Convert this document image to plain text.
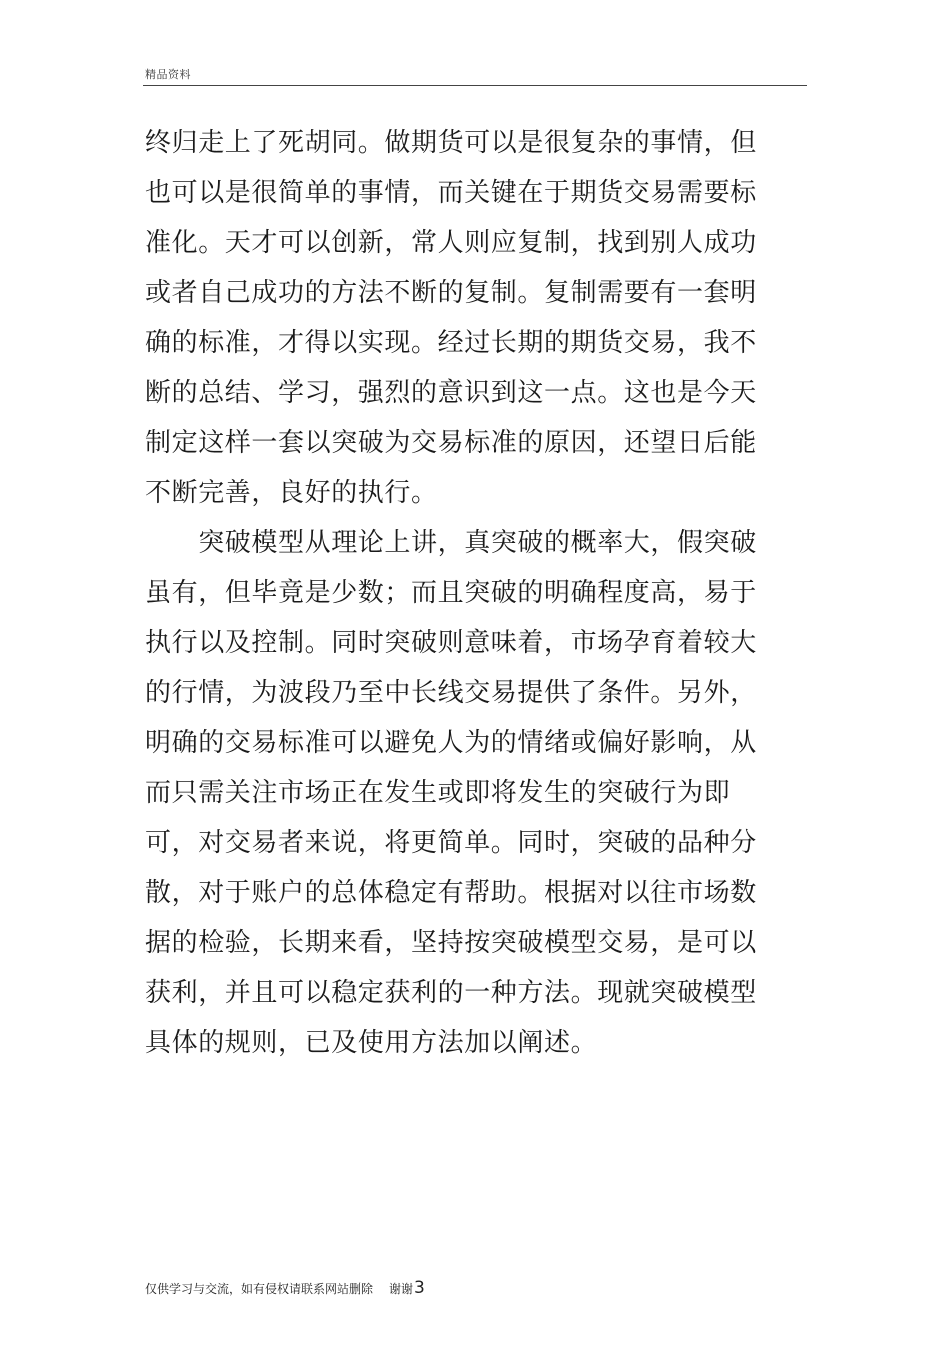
精品资料
终归走上了死胡同。做期货可以是很复杂的事情，但
也可以是很简单的事情，而关键在于期货交易需要标
准化。天才可以创新，常人则应复制，找到别人成功
或者自己成功的方法不断的复制。复制需要有一套明
确的标准，才得以实现。经过长期的期货交易，我不
断的总结、学习，强烈的意识到这一点。这也是今天
制定这样一套以突破为交易标准的原因，还望日后能
不断完善，良好的执行。
　　突破模型从理论上讲，真突破的概率大，假突破
虽有，但毕竟是少数；而且突破的明确程度高，易于
执行以及控制。同时突破则意味着，市场孕育着较大
的行情，为波段乃至中长线交易提供了条件。另外，
明确的交易标准可以避免人为的情绪或偏好影响，从
而只需关注市场正在发生或即将发生的突破行为即
可，对交易者来说，将更简单。同时，突破的品种分
散，对于账户的总体稳定有帮助。根据对以往市场数
据的检验，长期来看，坚持按突破模型交易，是可以
获利，并且可以稳定获利的一种方法。现就突破模型
具体的规则，已及使用方法加以阐述。
仅供学习与交流，如有侵权请联系网站删除 谢谢3
